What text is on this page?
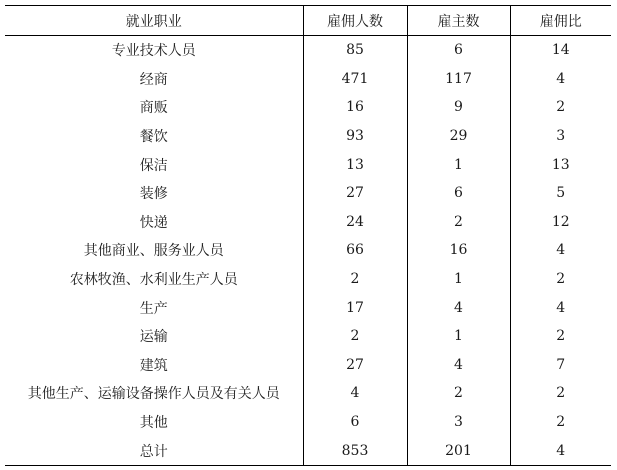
就业职业	雇佣人数	雇主数	雇佣比
专业技术人员	85	6	14
经商	471	117	4
商贩	16	9	2
餐饮	93	29	3
保洁	13	1	13
装修	27	6	5
快递	24	2	12
其他商业、服务业人员	66	16	4
农林牧渔、水利业生产人员	2	1	2
生产	17	4	4
运输	2	1	2
建筑	27	4	7
其他生产、运输设备操作人员及有关人员	4	2	2
其他	6	3	2
总计	853	201	4
